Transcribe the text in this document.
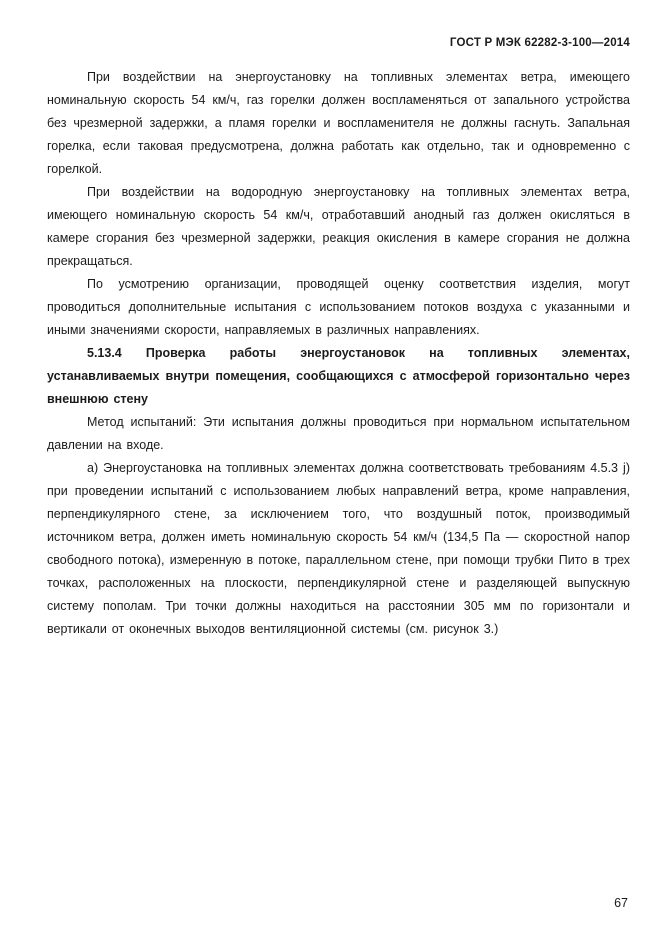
ГОСТ Р МЭК 62282-3-100—2014

При воздействии на энергоустановку на топливных элементах ветра, имеющего номинальную скорость 54 км/ч, газ горелки должен воспламеняться от запального устройства без чрезмерной задержки, а пламя горелки и воспламенителя не должны гаснуть. Запальная горелка, если таковая предусмотрена, должна работать как отдельно, так и одновременно с горелкой.

При воздействии на водородную энергоустановку на топливных элементах ветра, имеющего номинальную скорость 54 км/ч, отработавший анодный газ должен окисляться в камере сгорания без чрезмерной задержки, реакция окисления в камере сгорания не должна прекращаться.

По усмотрению организации, проводящей оценку соответствия изделия, могут проводиться дополнительные испытания с использованием потоков воздуха с указанными и иными значениями скорости, направляемых в различных направлениях.

5.13.4 Проверка работы энергоустановок на топливных элементах, устанавливаемых внутри помещения, сообщающихся с атмосферой горизонтально через внешнюю стену

Метод испытаний: Эти испытания должны проводиться при нормальном испытательном давлении на входе.

а) Энергоустановка на топливных элементах должна соответствовать требованиям 4.5.3 j) при проведении испытаний с использованием любых направлений ветра, кроме направления, перпендикулярного стене, за исключением того, что воздушный поток, производимый источником ветра, должен иметь номинальную скорость 54 км/ч (134,5 Па — скоростной напор свободного потока), измеренную в потоке, параллельном стене, при помощи трубки Пито в трех точках, расположенных на плоскости, перпендикулярной стене и разделяющей выпускную систему пополам. Три точки должны находиться на расстоянии 305 мм по горизонтали и вертикали от оконечных выходов вентиляционной системы (см. рисунок 3.)

67
